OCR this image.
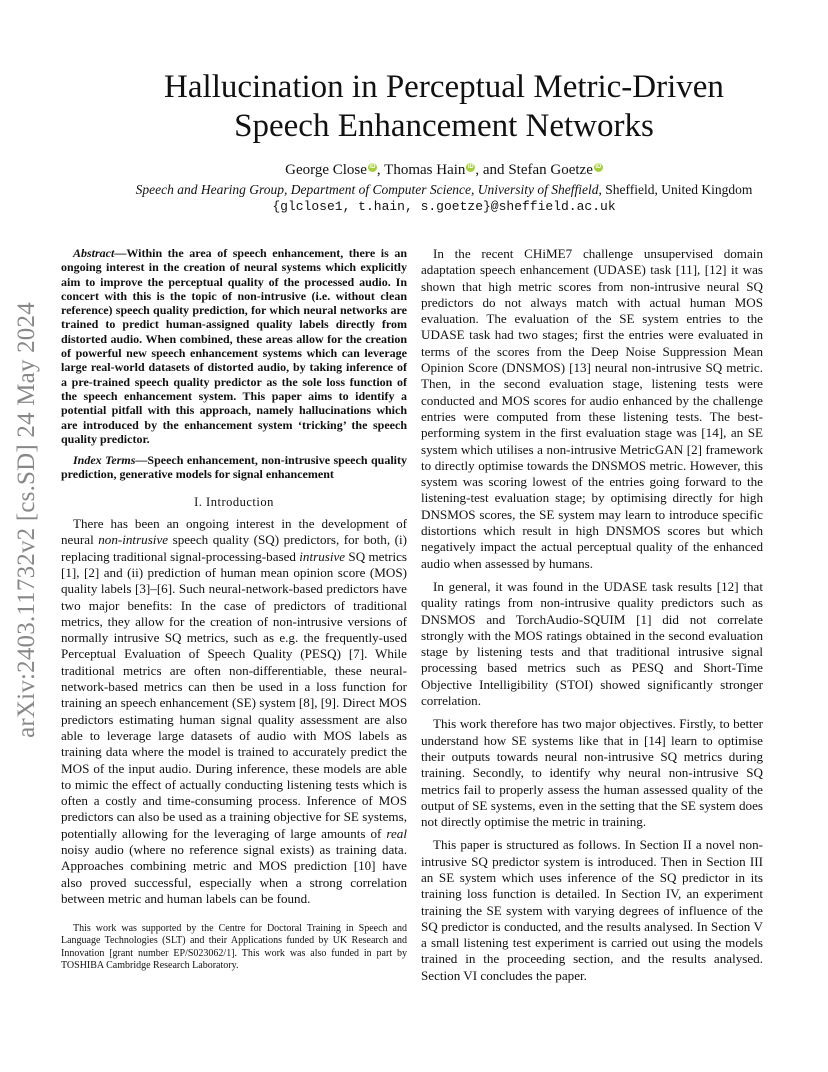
arXiv:2403.11732v2 [cs.SD] 24 May 2024
Hallucination in Perceptual Metric-Driven
Speech Enhancement Networks
George Close iD , Thomas Hain iD , and Stefan Goetze iD
Speech and Hearing Group, Department of Computer Science, University of Sheffield, Sheffield, United Kingdom
{glclose1, t.hain, s.goetze}@sheffield.ac.uk

Abstract—Within the area of speech enhancement, there is an ongoing interest in the creation of neural systems which explicitly aim to improve the perceptual quality of the processed audio. In concert with this is the topic of non-intrusive (i.e. without clean reference) speech quality prediction, for which neural networks are trained to predict human-assigned quality labels directly from distorted audio. When combined, these areas allow for the creation of powerful new speech enhancement systems which can leverage large real-world datasets of distorted audio, by taking inference of a pre-trained speech quality predictor as the sole loss function of the speech enhancement system. This paper aims to identify a potential pitfall with this approach, namely hallucinations which are introduced by the enhancement system ‘tricking’ the speech quality predictor.

Index Terms—Speech enhancement, non-intrusive speech quality prediction, generative models for signal enhancement

I. Introduction

There has been an ongoing interest in the development of neural non-intrusive speech quality (SQ) predictors, for both, (i) replacing traditional signal-processing-based intrusive SQ metrics [1], [2] and (ii) prediction of human mean opinion score (MOS) quality labels [3]–[6]. Such neural-network-based predictors have two major benefits: In the case of predictors of traditional metrics, they allow for the creation of non-intrusive versions of normally intrusive SQ metrics, such as e.g. the frequently-used Perceptual Evaluation of Speech Quality (PESQ) [7]. While traditional metrics are often non-differentiable, these neural-network-based metrics can then be used in a loss function for training an speech enhancement (SE) system [8], [9]. Direct MOS predictors estimating human signal quality assessment are also able to leverage large datasets of audio with MOS labels as training data where the model is trained to accurately predict the MOS of the input audio. During inference, these models are able to mimic the effect of actually conducting listening tests which is often a costly and time-consuming process. Inference of MOS predictors can also be used as a training objective for SE systems, potentially allowing for the leveraging of large amounts of real noisy audio (where no reference signal exists) as training data. Approaches combining metric and MOS prediction [10] have also proved successful, especially when a strong correlation between metric and human labels can be found.

This work was supported by the Centre for Doctoral Training in Speech and Language Technologies (SLT) and their Applications funded by UK Research and Innovation [grant number EP/S023062/1]. This work was also funded in part by TOSHIBA Cambridge Research Laboratory.

In the recent CHiME7 challenge unsupervised domain adaptation speech enhancement (UDASE) task [11], [12] it was shown that high metric scores from non-intrusive neural SQ predictors do not always match with actual human MOS evaluation. The evaluation of the SE system entries to the UDASE task had two stages; first the entries were evaluated in terms of the scores from the Deep Noise Suppression Mean Opinion Score (DNSMOS) [13] neural non-intrusive SQ metric. Then, in the second evaluation stage, listening tests were conducted and MOS scores for audio enhanced by the challenge entries were computed from these listening tests. The best-performing system in the first evaluation stage was [14], an SE system which utilises a non-intrusive MetricGAN [2] framework to directly optimise towards the DNSMOS metric. However, this system was scoring lowest of the entries going forward to the listening-test evaluation stage; by optimising directly for high DNSMOS scores, the SE system may learn to introduce specific distortions which result in high DNSMOS scores but which negatively impact the actual perceptual quality of the enhanced audio when assessed by humans.

In general, it was found in the UDASE task results [12] that quality ratings from non-intrusive quality predictors such as DNSMOS and TorchAudio-SQUIM [1] did not correlate strongly with the MOS ratings obtained in the second evaluation stage by listening tests and that traditional intrusive signal processing based metrics such as PESQ and Short-Time Objective Intelligibility (STOI) showed significantly stronger correlation.

This work therefore has two major objectives. Firstly, to better understand how SE systems like that in [14] learn to optimise their outputs towards neural non-intrusive SQ metrics during training. Secondly, to identify why neural non-intrusive SQ metrics fail to properly assess the human assessed quality of the output of SE systems, even in the setting that the SE system does not directly optimise the metric in training.

This paper is structured as follows. In Section II a novel non-intrusive SQ predictor system is introduced. Then in Section III an SE system which uses inference of the SQ predictor in its training loss function is detailed. In Section IV, an experiment training the SE system with varying degrees of influence of the SQ predictor is conducted, and the results analysed. In Section V a small listening test experiment is carried out using the models trained in the proceeding section, and the results analysed. Section VI concludes the paper.
